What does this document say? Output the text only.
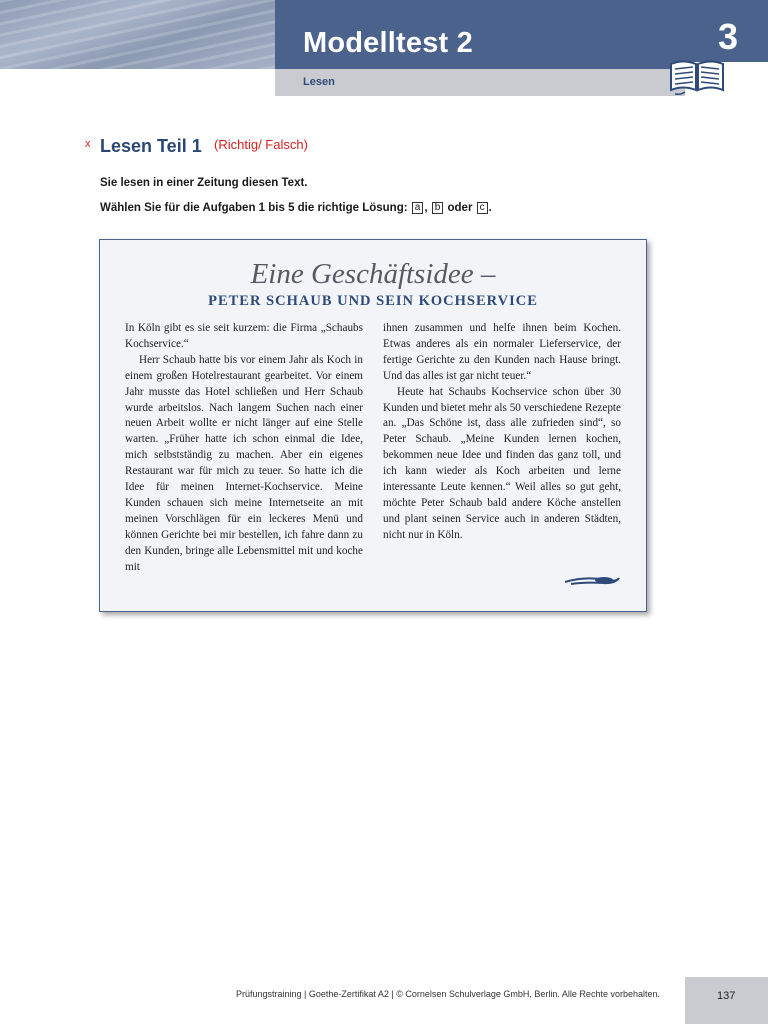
Modelltest 2
Lesen
3
x Lesen Teil 1 (Richtig/ Falsch)
Sie lesen in einer Zeitung diesen Text.
Wählen Sie für die Aufgaben 1 bis 5 die richtige Lösung: a , b oder c .
Eine Geschäftsidee –
PETER SCHAUB UND SEIN KOCHSERVICE

In Köln gibt es sie seit kurzem: die Firma „Schaubs Kochservice.“

Herr Schaub hatte bis vor einem Jahr als Koch in einem großen Hotelrestaurant gearbeitet. Vor einem Jahr musste das Hotel schließen und Herr Schaub wurde arbeitslos. Nach langem Suchen nach einer neuen Arbeit wollte er nicht länger auf eine Stelle warten. „Früher hatte ich schon einmal die Idee, mich selbstständig zu machen. Aber ein eigenes Restaurant war für mich zu teuer. So hatte ich die Idee für meinen Internet-Kochservice. Meine Kunden schauen sich meine Internetseite an mit meinen Vorschlägen für ein leckeres Menü und können Gerichte bei mir bestellen, ich fahre dann zu den Kunden, bringe alle Lebensmittel mit und koche mit

ihnen zusammen und helfe ihnen beim Kochen. Etwas anderes als ein normaler Lieferservice, der fertige Gerichte zu den Kunden nach Hause bringt. Und das alles ist gar nicht teuer.“

Heute hat Schaubs Kochservice schon über 30 Kunden und bietet mehr als 50 verschiedene Rezepte an. „Das Schöne ist, dass alle zufrieden sind“, so Peter Schaub. „Meine Kunden lernen kochen, bekommen neue Idee und finden das ganz toll, und ich kann wieder als Koch arbeiten und lerne interessante Leute kennen.“ Weil alles so gut geht, möchte Peter Schaub bald andere Köche anstellen und plant seinen Service auch in anderen Städten, nicht nur in Köln.

Prüfungstraining | Goethe-Zertifikat A2 | © Cornelsen Schulverlage GmbH, Berlin. Alle Rechte vorbehalten.	137
